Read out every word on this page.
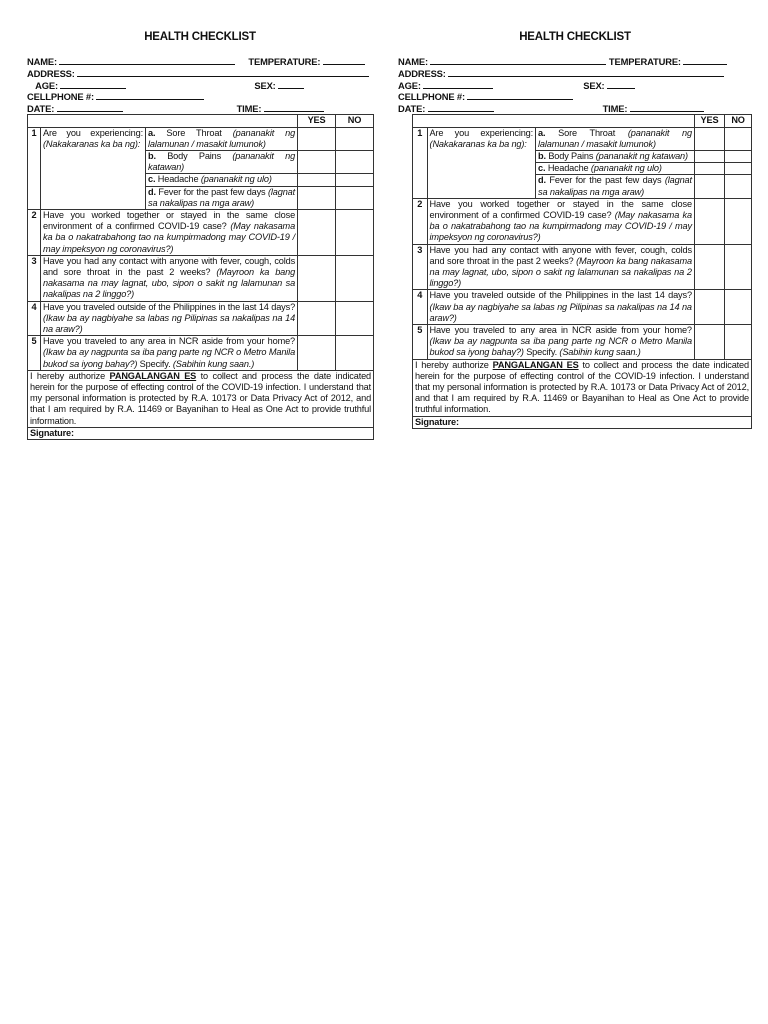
HEALTH CHECKLIST
NAME:	TEMPERATURE:
ADDRESS:
AGE:	SEX:
CELLPHONE #:
DATE:	TIME:
			YES	NO
1	Are you experiencing: (Nakakaranas ka ba ng):	a. Sore Throat (pananakit ng lalamunan / masakit lumunok)		
		b. Body Pains (pananakit ng katawan)		
		c. Headache (pananakit ng ulo)		
		d. Fever for the past few days (lagnat sa nakalipas na mga araw)		
2	Have you worked together or stayed in the same close environment of a confirmed COVID-19 case? (May nakasama ka ba o nakatrabahong tao na kumpirmadong may COVID-19 / may impeksyon ng coronavirus?)			
3	Have you had any contact with anyone with fever, cough, colds and sore throat in the past 2 weeks? (Mayroon ka bang nakasama na may lagnat, ubo, sipon o sakit ng lalamunan sa nakalipas na 2 linggo?)			
4	Have you traveled outside of the Philippines in the last 14 days? (Ikaw ba ay nagbiyahe sa labas ng Pilipinas sa nakalipas na 14 na araw?)			
5	Have you traveled to any area in NCR aside from your home? (Ikaw ba ay nagpunta sa iba pang parte ng NCR o Metro Manila bukod sa iyong bahay?) Specify. (Sabihin kung saan.)			
I hereby authorize PANGALANGAN ES to collect and process the date indicated herein for the purpose of effecting control of the COVID-19 infection. I understand that my personal information is protected by R.A. 10173 or Data Privacy Act of 2012, and that I am required by R.A. 11469 or Bayanihan to Heal as One Act to provide truthful information.				
Signature:				
HEALTH CHECKLIST
NAME:	TEMPERATURE:
ADDRESS:
AGE:	SEX:
CELLPHONE #:
DATE:	TIME:
			YES	NO
1	Are you experiencing: (Nakakaranas ka ba ng):	a. Sore Throat (pananakit ng lalamunan / masakit lumunok)		
		b. Body Pains (pananakit ng katawan)		
		c. Headache (pananakit ng ulo)		
		d. Fever for the past few days (lagnat sa nakalipas na mga araw)		
2	Have you worked together or stayed in the same close environment of a confirmed COVID-19 case? (May nakasama ka ba o nakatrabahong tao na kumpirmadong may COVID-19 / may impeksyon ng coronavirus?)			
3	Have you had any contact with anyone with fever, cough, colds and sore throat in the past 2 weeks? (Mayroon ka bang nakasama na may lagnat, ubo, sipon o sakit ng lalamunan sa nakalipas na 2 linggo?)			
4	Have you traveled outside of the Philippines in the last 14 days? (Ikaw ba ay nagbiyahe sa labas ng Pilipinas sa nakalipas na 14 na araw?)			
5	Have you traveled to any area in NCR aside from your home? (Ikaw ba ay nagpunta sa iba pang parte ng NCR o Metro Manila bukod sa iyong bahay?) Specify. (Sabihin kung saan.)			
I hereby authorize PANGALANGAN ES to collect and process the date indicated herein for the purpose of effecting control of the COVID-19 infection. I understand that my personal information is protected by R.A. 10173 or Data Privacy Act of 2012, and that I am required by R.A. 11469 or Bayanihan to Heal as One Act to provide truthful information.				
Signature:				
